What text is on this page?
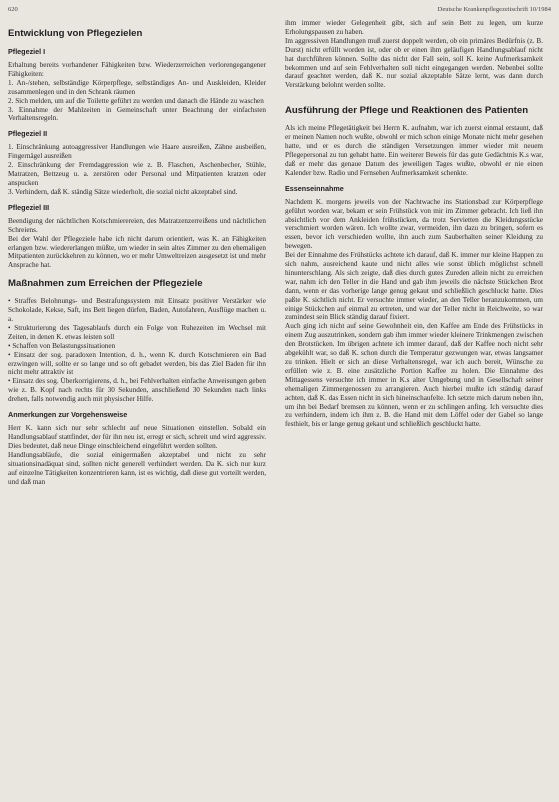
620	Deutsche Krankenpflegezeitschrift 10/1984
Entwicklung von Pflegezielen
Pflegeziel I

Erhaltung bereits vorhandener Fähigkeiten bzw. Wiederzerreichen verlorengegangener Fähigkeiten:
1. An-/stehen, selbständige Körperpflege, selbständiges An- und Auskleiden, Kleider zusammenlegen und in den Schrank räumen
2. Sich melden, um auf die Toilette geführt zu werden und danach die Hände zu waschen
3. Einnahme der Mahlzeiten in Gemeinschaft unter Beachtung der einfachsten Verhaltensregeln.

Pflegeziel II

1. Einschränkung autoaggressiver Handlungen wie Haare ausreißen, Zähne ausbeißen, Fingernägel ausreißen
2. Einschränkung der Fremdaggression wie z. B. Flaschen, Aschenbecher, Stühle, Matratzen, Bettzeug u. a. zerstören oder Personal und Mitpatienten kratzen oder anspucken
3. Verhindern, daß K. ständig Sätze wiederholt, die sozial nicht akzeptabel sind.

Pflegeziel III

Beendigung der nächtlichen Kotschmierereien, des Matratzenzerreißens und nächtlichen Schreiens.
Bei der Wahl der Pflegeziele habe ich nicht darum orientiert, was K. an Fähigkeiten erlangen bzw. wiedererlangen müßte, um wieder in sein altes Zimmer zu den ehemaligen Mitpatienten zurückkehren zu können, wo er mehr Umweltreizen ausgesetzt ist und mehr Ansprache hat.

Maßnahmen zum Erreichen der Pflegeziele

• Straffes Belohnungs- und Bestrafungssystem mit Einsatz positiver Verstärker wie Schokolade, Kekse, Saft, ins Bett liegen dürfen, Baden, Autofahren, Ausflüge machen u. a.
• Strukturierung des Tagesablaufs durch ein Folge von Ruhezeiten im Wechsel mit Zeiten, in denen K. etwas leisten soll
• Schaffen von Belastungssituationen
• Einsatz der sog. paradoxen Intention, d. h., wenn K. durch Kotschmieren ein Bad erzwingen will, sollte er so lange und so oft gebadet werden, bis das Ziel Baden für ihn nicht mehr attraktiv ist
• Einsatz des sog. Überkorrigierens, d. h., bei Fehlverhalten einfache Anweisungen geben wie z. B. Kopf nach rechts für 30 Sekunden, anschließend 30 Sekunden nach links drehen, falls notwendig auch mit physischer Hilfe.

Anmerkungen zur Vorgehensweise

Herr K. kann sich nur sehr schlecht auf neue Situationen einstellen. Sobald ein Handlungsablauf stattfindet, der für ihn neu ist, erregt er sich, schreit und wird aggressiv. Dies bedeutet, daß neue Dinge einschleichend eingeführt werden sollten.
Handlungsabläufe, die sozial einigermaßen akzeptabel und nicht zu sehr situationsinadäquat sind, sollten nicht generell verhindert werden. Da K. sich nur kurz auf einzelne Tätigkeiten konzentrieren kann, ist es wichtig, daß diese gut vorteilt werden, und daß man

ihm immer wieder Gelegenheit gibt, sich auf sein Bett zu legen, um kurze Erholungspausen zu haben.
Im aggressiven Handlungen muß zuerst doppelt werden, ob ein primäres Bedürfnis (z. B. Durst) nicht erfüllt worden ist, oder ob er einen ihm geläufigen Handlungsablauf nicht hat durchführen können. Sollte das nicht der Fall sein, soll K. keine Aufmerksamkeit bekommen und auf sein Fehlverhalten soll nicht eingegangen werden. Nebenbei sollte darauf geachtet werden, daß K. nur sozial akzeptable Sätze lernt, was dann durch Verstärkung belohnt werden sollte.

Ausführung der Pflege und Reaktionen des Patienten

Als ich meine Pflegetätigkeit bei Herrn K. aufnahm, war ich zuerst einmal erstaunt, daß er meinen Namen noch wußte, obwohl er mich schon einige Monate nicht mehr gesehen hatte, und er es durch die ständigen Versetzungen immer wieder mit neuem Pflegepersonal zu tun gehabt hatte. Ein weiterer Beweis für das gute Gedächtnis K.s war, daß er mehr das genaue Datum des jeweiligen Tages wußte, obwohl er nie einen Kalender bzw. Radio und Fernsehen Aufmerksamkeit schenkte.

Essenseinnahme

Nachdem K. morgens jeweils von der Nachtwache ins Stationsbad zur Körperpflege geführt worden war, bekam er sein Frühstück von mir im Zimmer gebracht. Ich ließ ihn absichtlich vor dem Ankleiden frühstücken, da trotz Servietten die Kleidungsstücke verschmiert worden wären. Ich wollte zwar, vermeiden, ihn dazu zu bringen, sofern es essen, bevor ich verschieden wollte, ihn auch zum Sauberhalten seiner Kleidung zu bewegen.
Bei der Einnahme des Frühstücks achtete ich darauf, daß K. immer nur kleine Happen zu sich nahm, ausreichend kaute und nicht alles wie sonst üblich möglichst schnell hinunterschlang. Als sich zeigte, daß dies durch gutes Zureden allein nicht zu erreichen war, nahm ich den Teller in die Hand und gab ihm jeweils die nächste Stückchen Brot dann, wenn er das vorherige lange genug gekaut und schließlich geschluckt hatte. Dies paßte K. sichtlich nicht. Er versuchte immer wieder, an den Teller heranzukommen, um einige Stückchen auf einmal zu ertreten, und war der Teller nicht in Reichweite, so war zumindest sein Blick ständig darauf fixiert.
Auch ging ich nicht auf seine Gewohnheit ein, den Kaffee am Ende des Frühstücks in einem Zug auszutrinken, sondern gab ihm immer wieder kleinere Trinkmengen zwischen den Brotstücken. Im übrigen achtete ich immer darauf, daß der Kaffee noch nicht sehr abgekühlt war, so daß K. schon durch die Temperatur gezwungen war, etwas langsamer zu trinken. Hielt er sich an diese Verhaltensregel, war ich auch bereit, Wünsche zu erfüllen wie z. B. eine zusätzliche Portion Kaffee zu holen. Die Einnahme des Mittagessens versuchte ich immer in K.s alter Umgebung und in Gesellschaft seiner ehemaligen Zimmergenossen zu arrangieren. Auch hierbei mußte ich ständig darauf achten, daß K. das Essen nicht in sich hineinschaufelte. Ich setzte mich darum neben ihn, um ihn bei Bedarf bremsen zu können, wenn er zu schlingen anfing. Ich versuchte dies zu verhindern, indem ich ihm z. B. die Hand mit dem Löffel oder der Gabel so lange festhielt, bis er lange genug gekaut und schließlich geschluckt hatte.
